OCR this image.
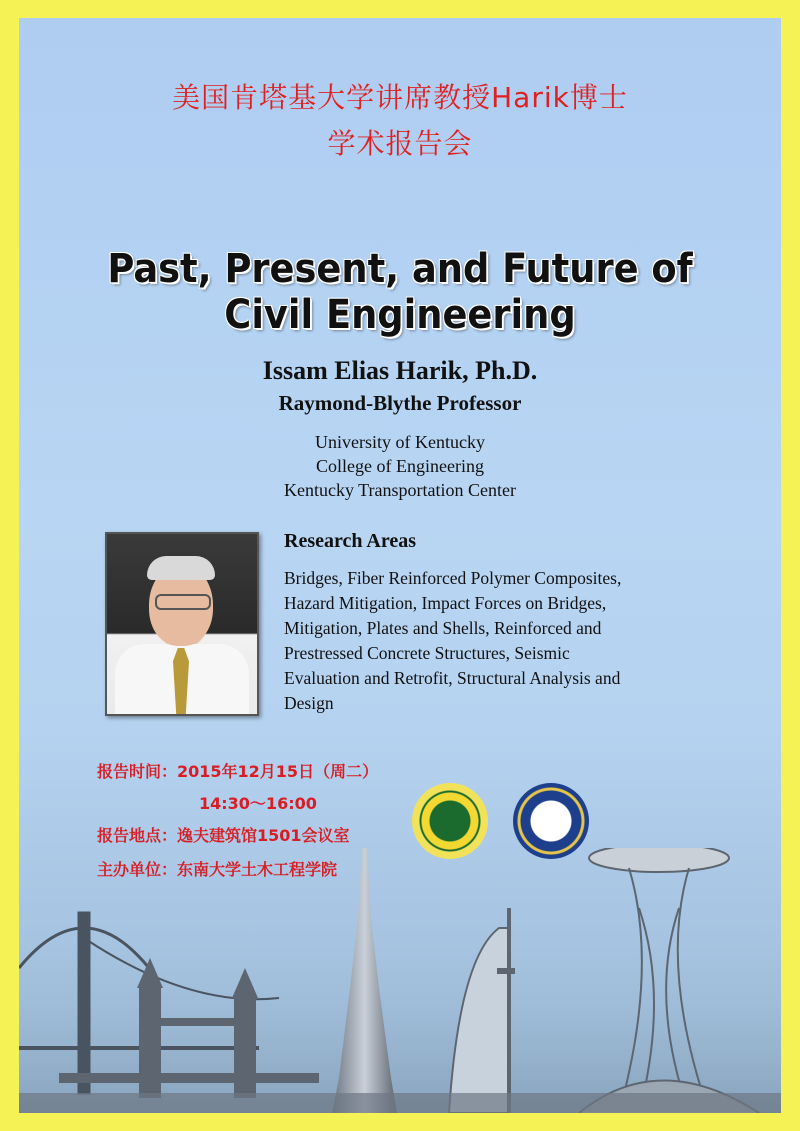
美国肯塔基大学讲席教授Harik博士
学术报告会
Past, Present, and Future of
Civil Engineering
Issam Elias Harik, Ph.D.
Raymond-Blythe Professor
University of Kentucky
College of Engineering
Kentucky Transportation Center
Research Areas
Bridges, Fiber Reinforced Polymer Composites,
Hazard Mitigation, Impact Forces on Bridges,
Mitigation, Plates and Shells, Reinforced and
Prestressed Concrete Structures, Seismic
Evaluation and Retrofit, Structural Analysis and
Design
报告时间：2015年12月15日（周二）
14:30～16:00
报告地点：逸夫建筑馆1501会议室
主办单位：东南大学土木工程学院
